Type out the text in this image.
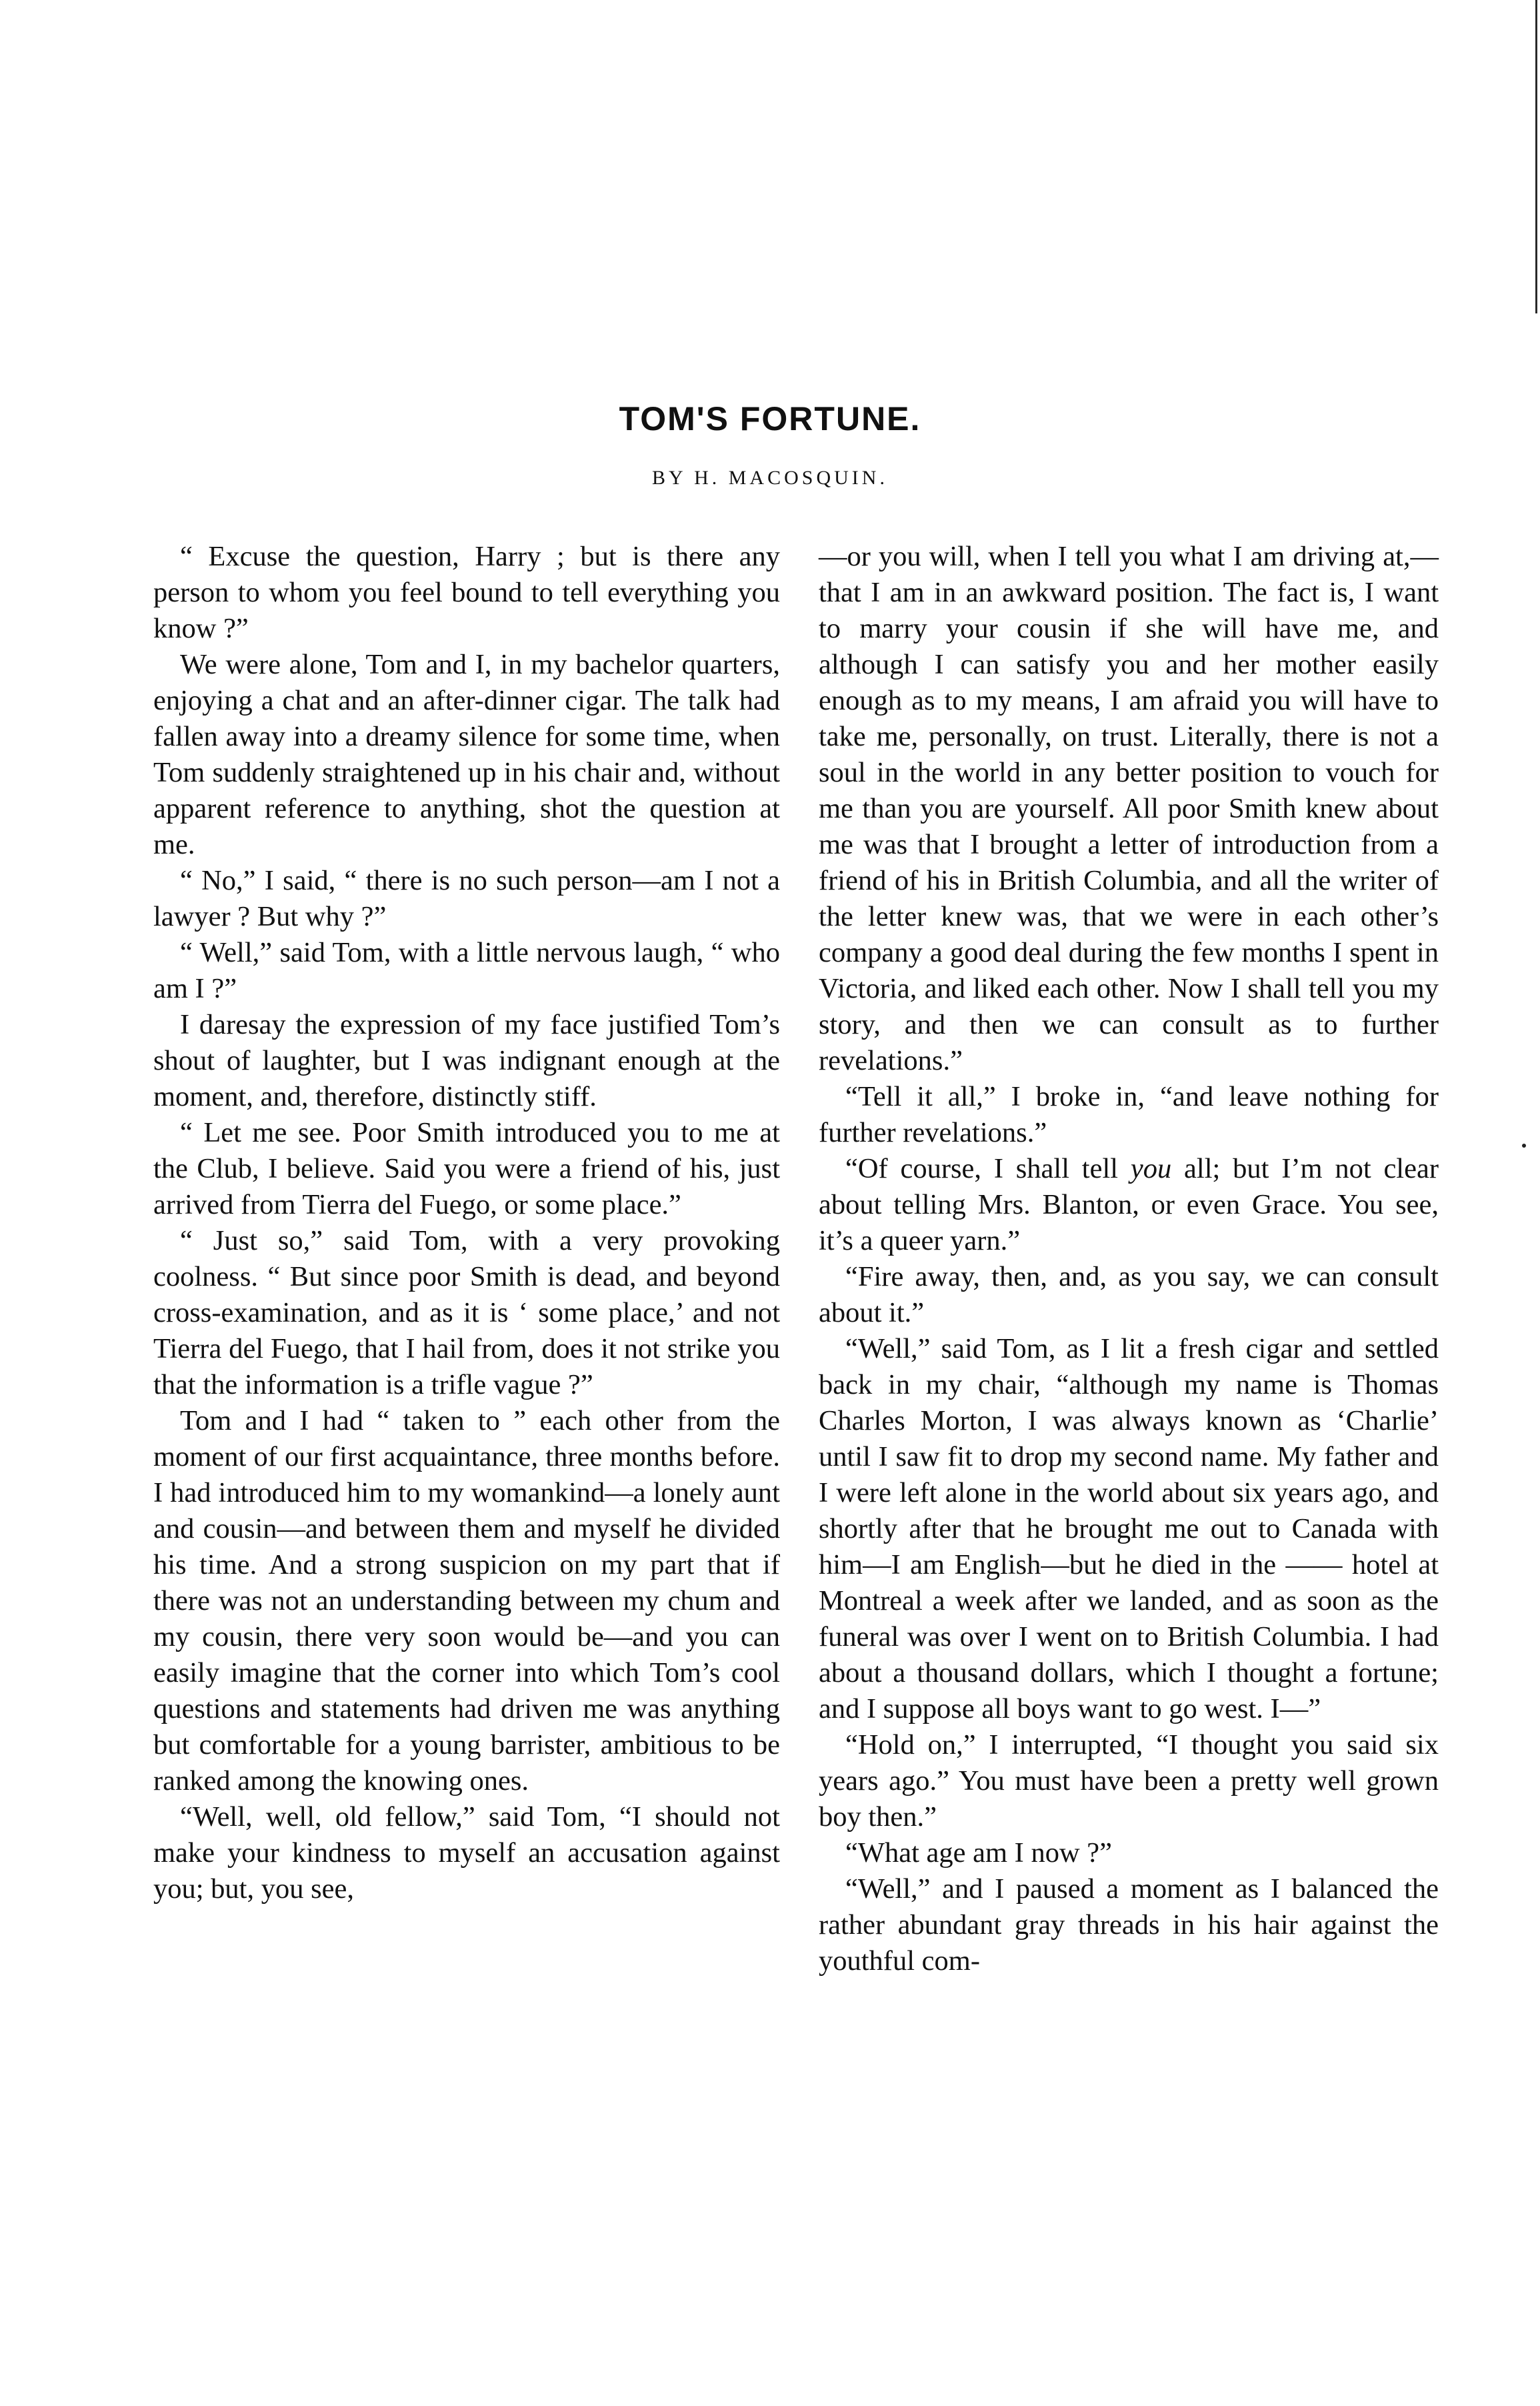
TOM'S FORTUNE.
BY H. MACOSQUIN.

“ Excuse the question, Harry ; but is there any person to whom you feel bound to tell everything you know ?”

We were alone, Tom and I, in my bachelor quarters, enjoying a chat and an after-dinner cigar. The talk had fallen away into a dreamy silence for some time, when Tom suddenly straightened up in his chair and, without apparent reference to anything, shot the question at me.

“ No,” I said, “ there is no such person—am I not a lawyer ? But why ?”

“ Well,” said Tom, with a little nervous laugh, “ who am I ?”

I daresay the expression of my face justified Tom’s shout of laughter, but I was indignant enough at the moment, and, therefore, distinctly stiff.

“ Let me see. Poor Smith introduced you to me at the Club, I believe. Said you were a friend of his, just arrived from Tierra del Fuego, or some place.”

“ Just so,” said Tom, with a very provoking coolness. “ But since poor Smith is dead, and beyond cross-examination, and as it is ‘ some place,’ and not Tierra del Fuego, that I hail from, does it not strike you that the information is a trifle vague ?”

Tom and I had “ taken to ” each other from the moment of our first acquaintance, three months before. I had introduced him to my womankind—a lonely aunt and cousin—and between them and myself he divided his time. And a strong suspicion on my part that if there was not an understanding between my chum and my cousin, there very soon would be—and you can easily imagine that the corner into which Tom’s cool questions and statements had driven me was anything but comfortable for a young barrister, ambitious to be ranked among the knowing ones.

“Well, well, old fellow,” said Tom, “I should not make your kindness to myself an accusation against you; but, you see,

—or you will, when I tell you what I am driving at,—that I am in an awkward position. The fact is, I want to marry your cousin if she will have me, and although I can satisfy you and her mother easily enough as to my means, I am afraid you will have to take me, personally, on trust. Literally, there is not a soul in the world in any better position to vouch for me than you are yourself. All poor Smith knew about me was that I brought a letter of introduction from a friend of his in British Columbia, and all the writer of the letter knew was, that we were in each other’s company a good deal during the few months I spent in Victoria, and liked each other. Now I shall tell you my story, and then we can consult as to further revelations.”

“Tell it all,” I broke in, “and leave nothing for further revelations.”

“Of course, I shall tell you all; but I’m not clear about telling Mrs. Blanton, or even Grace. You see, it’s a queer yarn.”

“Fire away, then, and, as you say, we can consult about it.”

“Well,” said Tom, as I lit a fresh cigar and settled back in my chair, “although my name is Thomas Charles Morton, I was always known as ‘Charlie’ until I saw fit to drop my second name. My father and I were left alone in the world about six years ago, and shortly after that he brought me out to Canada with him—I am English—but he died in the —— hotel at Montreal a week after we landed, and as soon as the funeral was over I went on to British Columbia. I had about a thousand dollars, which I thought a fortune; and I suppose all boys want to go west. I—”

“Hold on,” I interrupted, “I thought you said six years ago.” You must have been a pretty well grown boy then.”

“What age am I now ?”

“Well,” and I paused a moment as I balanced the rather abundant gray threads in his hair against the youthful com-
